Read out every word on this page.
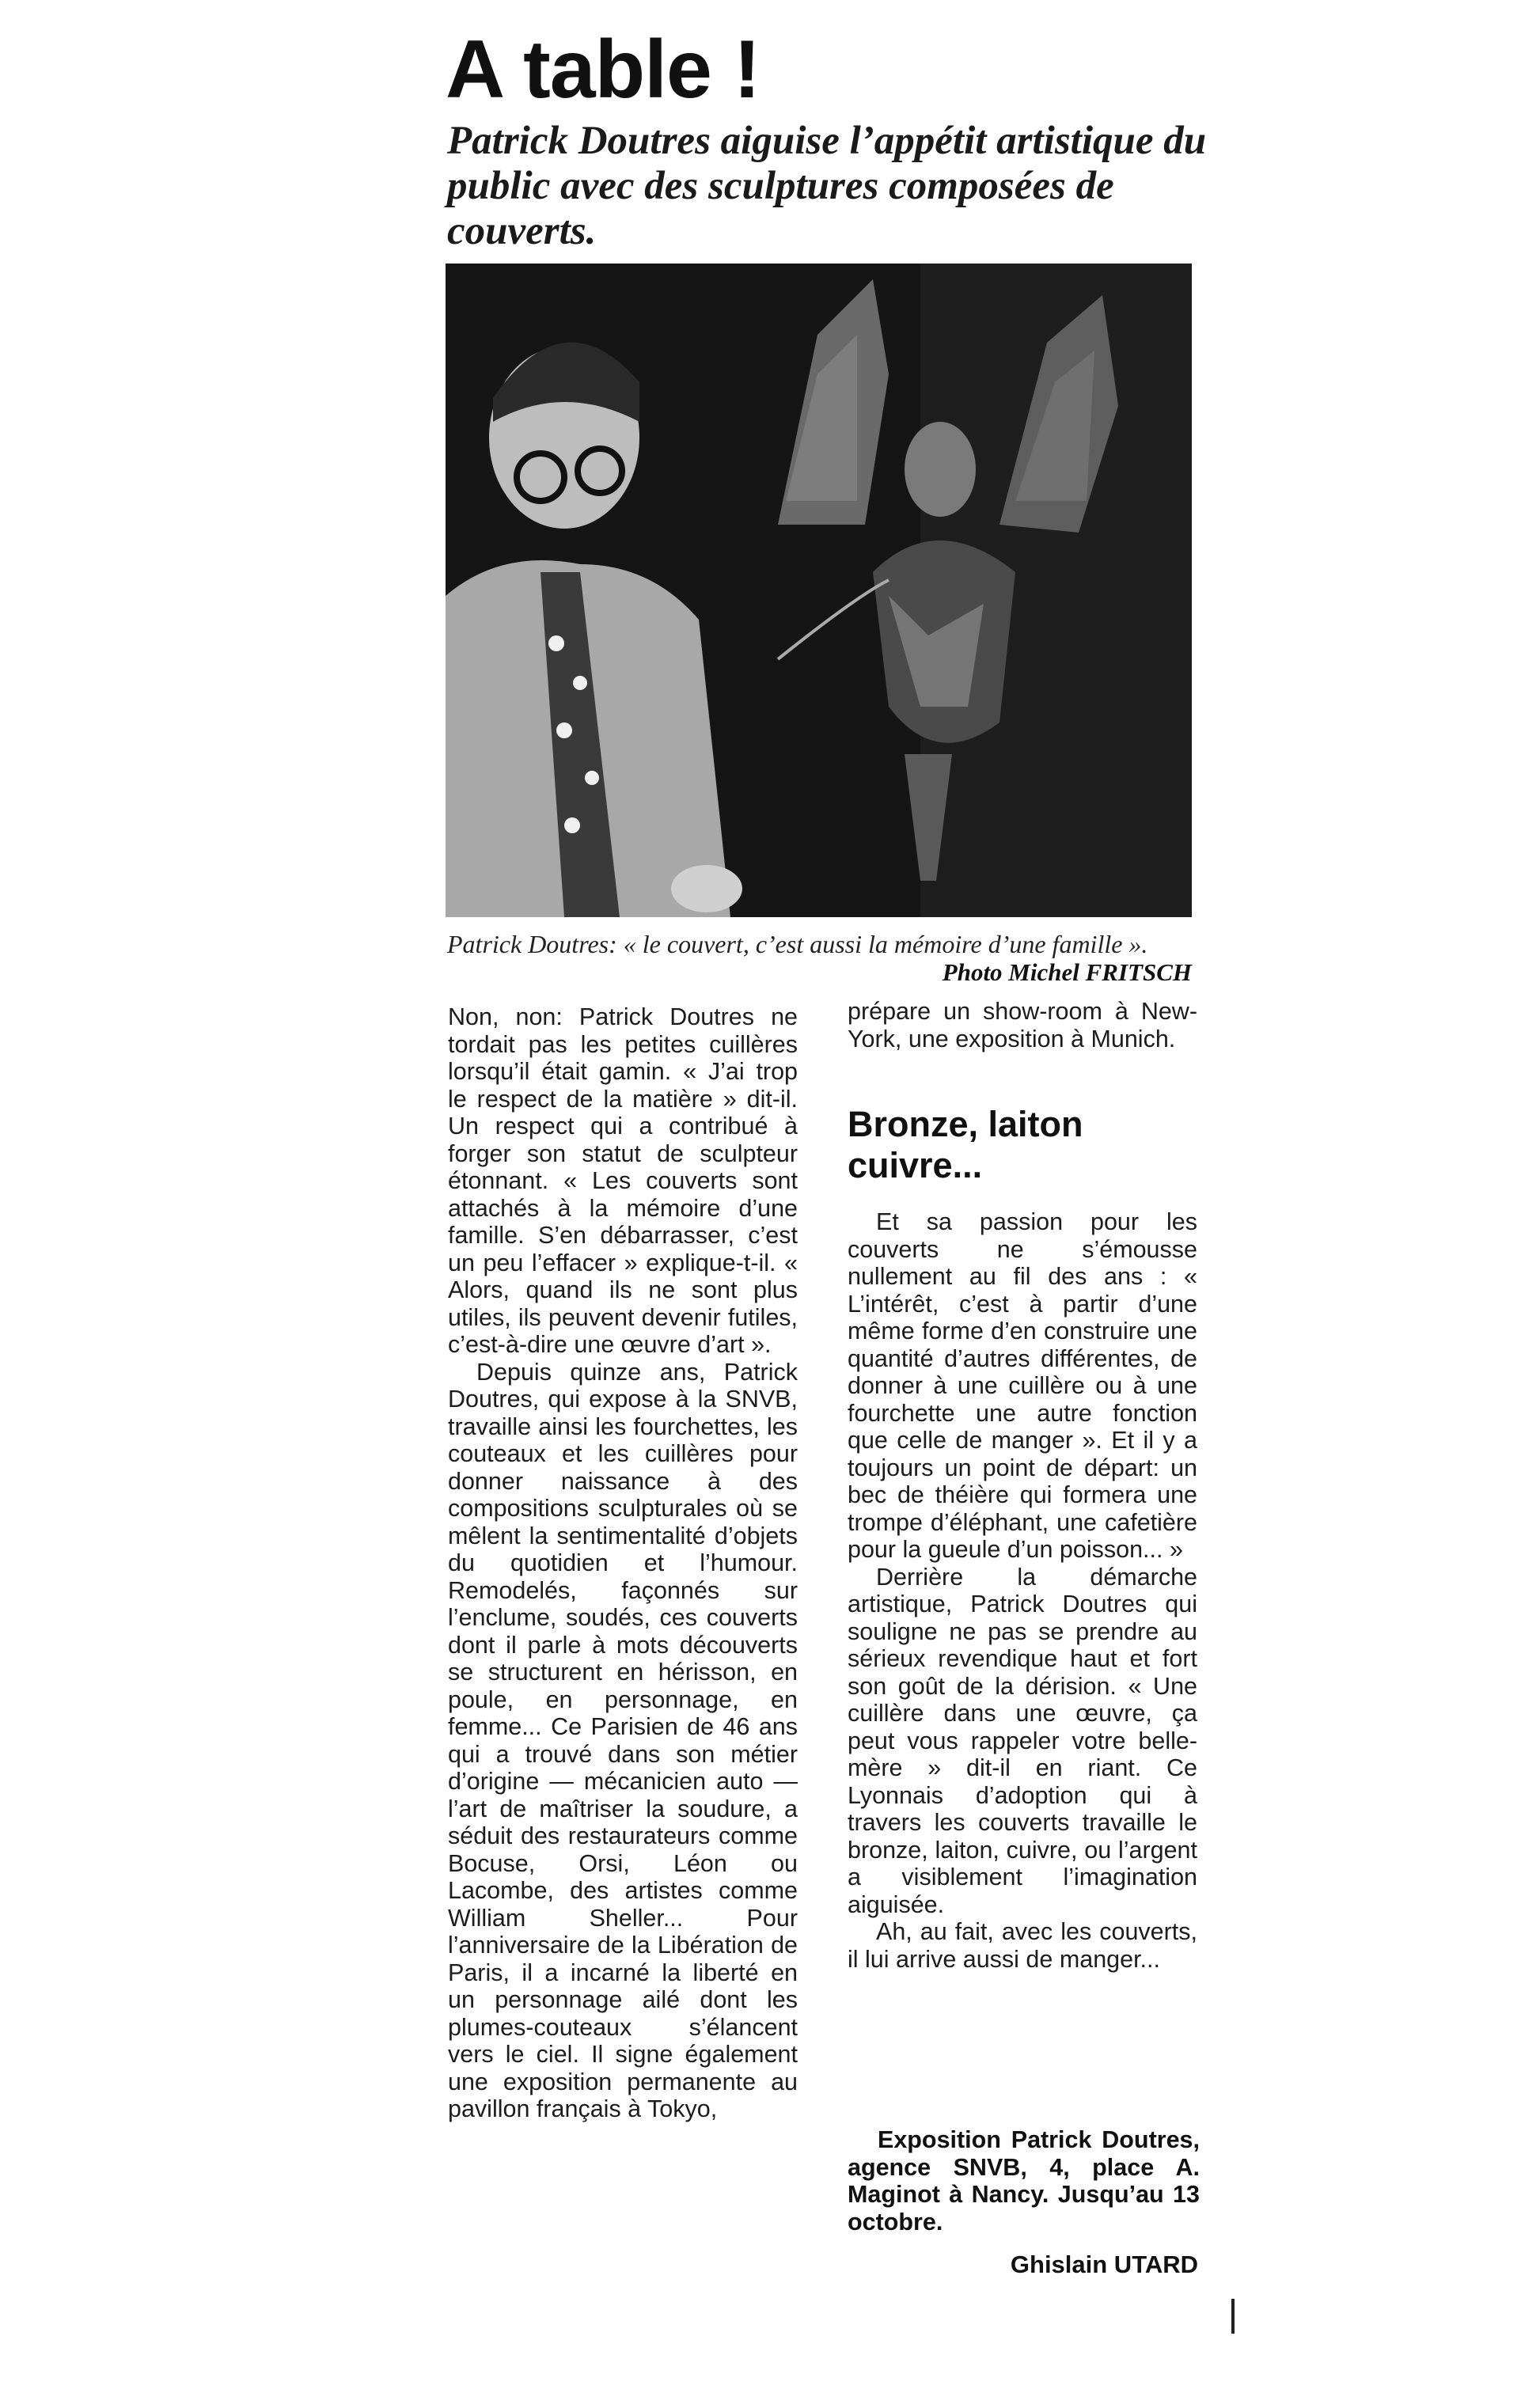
A table !
Patrick Doutres aiguise l’appétit artistique du public avec des sculptures composées de couverts.
Patrick Doutres: « le couvert, c’est aussi la mémoire d’une famille ».
Photo Michel FRITSCH

Non, non: Patrick Doutres ne tordait pas les petites cuillères lorsqu’il était gamin. « J’ai trop le respect de la matière » dit-il. Un respect qui a contribué à forger son statut de sculpteur étonnant. « Les couverts sont attachés à la mémoire d’une famille. S’en débarrasser, c’est un peu l’effacer » explique-t-il. « Alors, quand ils ne sont plus utiles, ils peuvent devenir futiles, c’est-à-dire une œuvre d’art ».

Depuis quinze ans, Patrick Doutres, qui expose à la SNVB, travaille ainsi les fourchettes, les couteaux et les cuillères pour donner naissance à des compositions sculpturales où se mêlent la sentimentalité d’objets du quotidien et l’humour. Remodelés, façonnés sur l’enclume, soudés, ces couverts dont il parle à mots découverts se structurent en hérisson, en poule, en personnage, en femme... Ce Parisien de 46 ans qui a trouvé dans son métier d’origine — mécanicien auto — l’art de maîtriser la soudure, a séduit des restaurateurs comme Bocuse, Orsi, Léon ou Lacombe, des artistes comme William Sheller... Pour l’anniversaire de la Libération de Paris, il a incarné la liberté en un personnage ailé dont les plumes-couteaux s’élancent vers le ciel. Il signe également une exposition permanente au pavillon français à Tokyo,

prépare un show-room à New-York, une exposition à Munich.

Bronze, laiton cuivre...

Et sa passion pour les couverts ne s’émousse nullement au fil des ans : « L’intérêt, c’est à partir d’une même forme d’en construire une quantité d’autres différentes, de donner à une cuillère ou à une fourchette une autre fonction que celle de manger ». Et il y a toujours un point de départ: un bec de théière qui formera une trompe d’éléphant, une cafetière pour la gueule d’un poisson... »

Derrière la démarche artistique, Patrick Doutres qui souligne ne pas se prendre au sérieux revendique haut et fort son goût de la dérision. « Une cuillère dans une œuvre, ça peut vous rappeler votre belle-mère » dit-il en riant. Ce Lyonnais d’adoption qui à travers les couverts travaille le bronze, laiton, cuivre, ou l’argent a visiblement l’imagination aiguisée.

Ah, au fait, avec les couverts, il lui arrive aussi de manger...

Exposition Patrick Doutres, agence SNVB, 4, place A. Maginot à Nancy. Jusqu’au 13 octobre.
Ghislain UTARD
